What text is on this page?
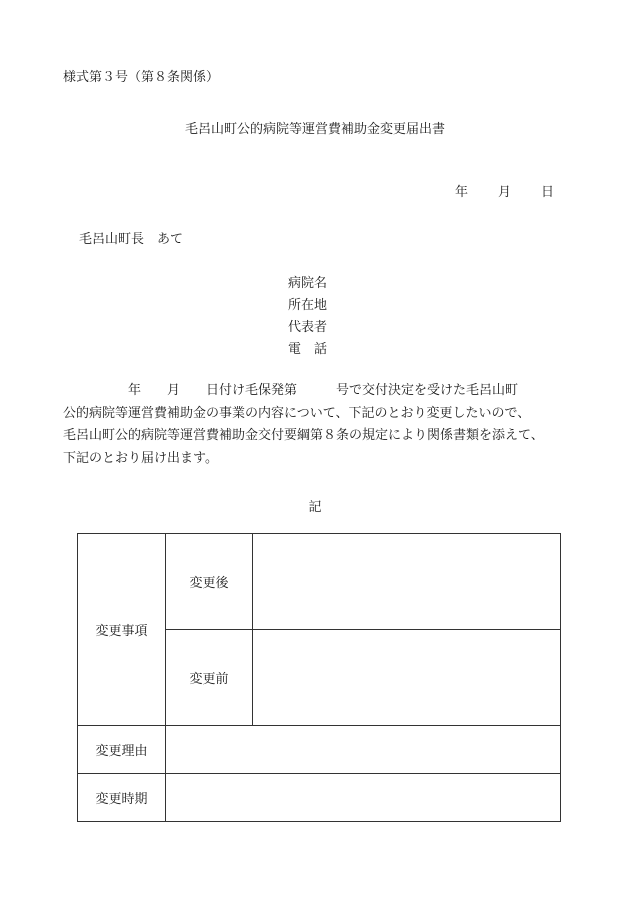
様式第３号（第８条関係）
毛呂山町公的病院等運営費補助金変更届出書
年 月 日
毛呂山町長　あて
病院名
所在地
代表者
電　話
　　　　　年　　月　　日付け毛保発第　　　号で交付決定を受けた毛呂山町
公的病院等運営費補助金の事業の内容について、下記のとおり変更したいので、
毛呂山町公的病院等運営費補助金交付要綱第８条の規定により関係書類を添えて、
下記のとおり届け出ます。
記
変更事項	変更後	
	変更前	
変更理由		
変更時期		
